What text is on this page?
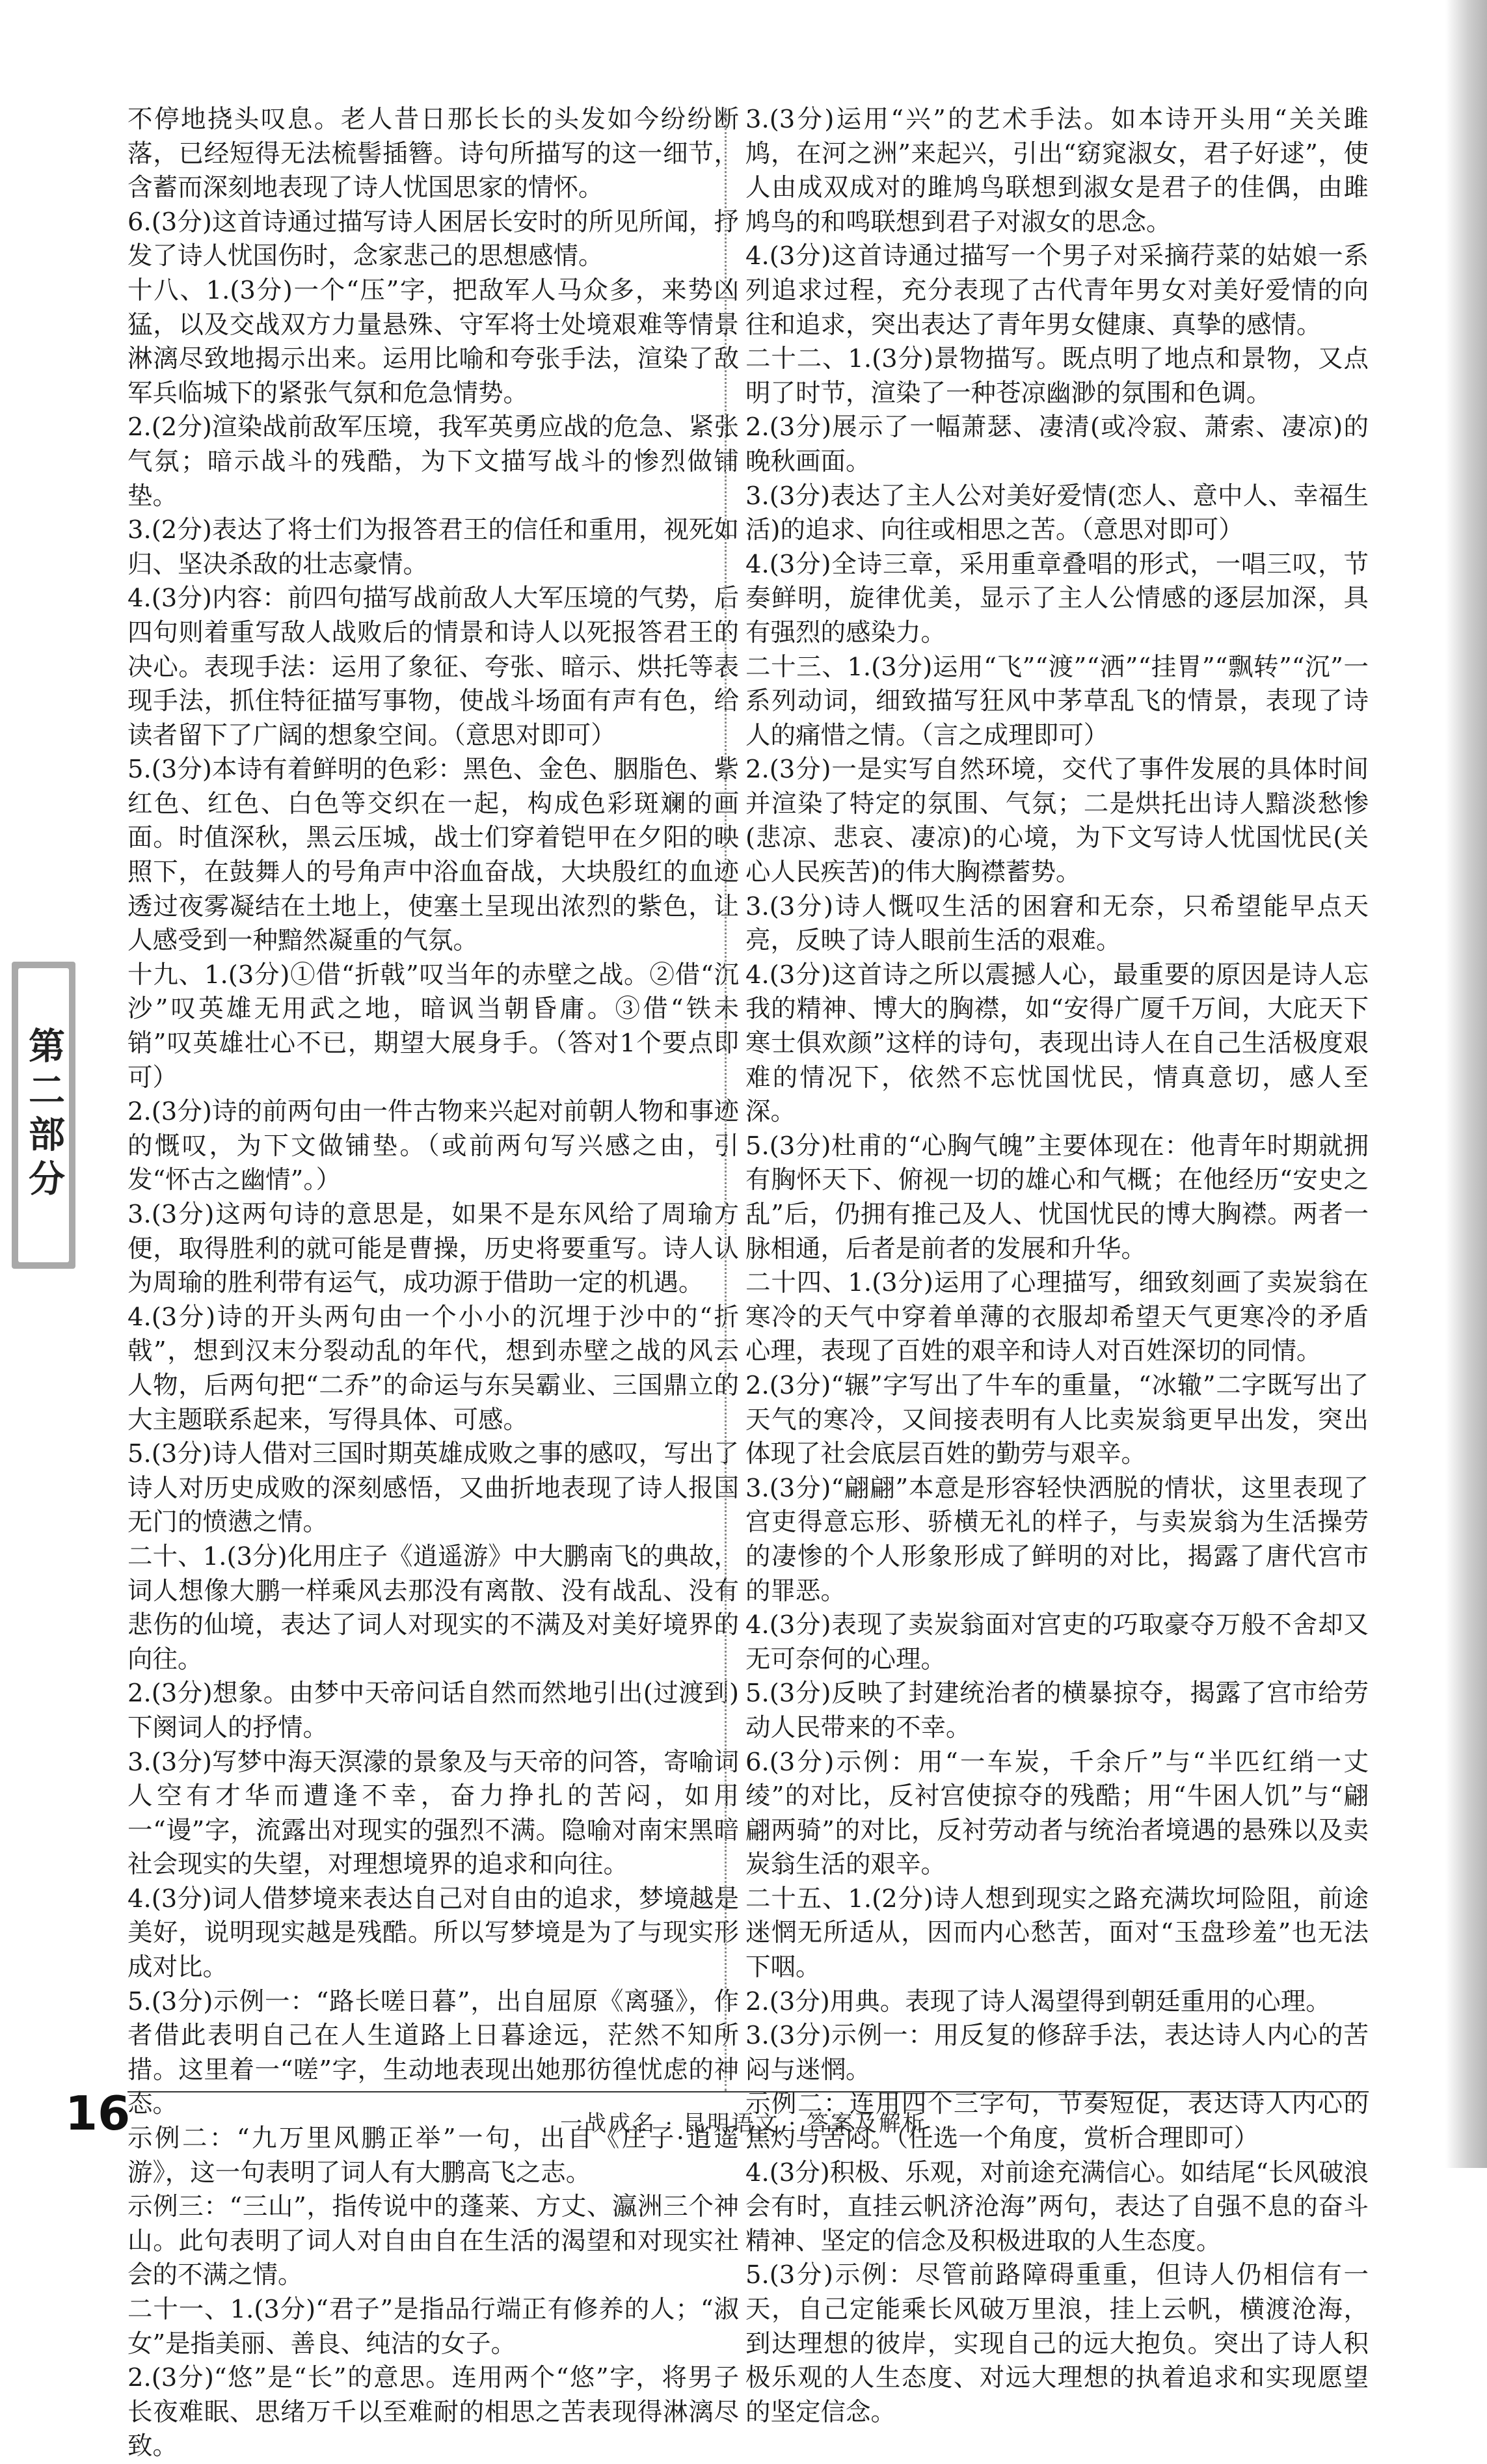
第二部分

不停地挠头叹息。老人昔日那长长的头发如今纷纷断落，已经短得无法梳髻插簪。诗句所描写的这一细节，含蓄而深刻地表现了诗人忧国思家的情怀。

6.(3分)这首诗通过描写诗人困居长安时的所见所闻，抒发了诗人忧国伤时，念家悲己的思想感情。

十八、1.(3分)一个“压”字，把敌军人马众多，来势凶猛，以及交战双方力量悬殊、守军将士处境艰难等情景淋漓尽致地揭示出来。运用比喻和夸张手法，渲染了敌军兵临城下的紧张气氛和危急情势。

2.(2分)渲染战前敌军压境，我军英勇应战的危急、紧张气氛；暗示战斗的残酷，为下文描写战斗的惨烈做铺垫。

3.(2分)表达了将士们为报答君王的信任和重用，视死如归、坚决杀敌的壮志豪情。

4.(3分)内容：前四句描写战前敌人大军压境的气势，后四句则着重写敌人战败后的情景和诗人以死报答君王的决心。表现手法：运用了象征、夸张、暗示、烘托等表现手法，抓住特征描写事物，使战斗场面有声有色，给读者留下了广阔的想象空间。（意思对即可）

5.(3分)本诗有着鲜明的色彩：黑色、金色、胭脂色、紫红色、红色、白色等交织在一起，构成色彩斑斓的画面。时值深秋，黑云压城，战士们穿着铠甲在夕阳的映照下，在鼓舞人的号角声中浴血奋战，大块殷红的血迹透过夜雾凝结在土地上，使塞土呈现出浓烈的紫色，让人感受到一种黯然凝重的气氛。

十九、1.(3分)①借“折戟”叹当年的赤壁之战。②借“沉沙”叹英雄无用武之地，暗讽当朝昏庸。③借“铁未销”叹英雄壮心不已，期望大展身手。（答对1个要点即可）

2.(3分)诗的前两句由一件古物来兴起对前朝人物和事迹的慨叹，为下文做铺垫。（或前两句写兴感之由，引发“怀古之幽情”。）

3.(3分)这两句诗的意思是，如果不是东风给了周瑜方便，取得胜利的就可能是曹操，历史将要重写。诗人认为周瑜的胜利带有运气，成功源于借助一定的机遇。

4.(3分)诗的开头两句由一个小小的沉埋于沙中的“折戟”，想到汉末分裂动乱的年代，想到赤壁之战的风云人物，后两句把“二乔”的命运与东吴霸业、三国鼎立的大主题联系起来，写得具体、可感。

5.(3分)诗人借对三国时期英雄成败之事的感叹，写出了诗人对历史成败的深刻感悟，又曲折地表现了诗人报国无门的愤懑之情。

二十、1.(3分)化用庄子《逍遥游》中大鹏南飞的典故，词人想像大鹏一样乘风去那没有离散、没有战乱、没有悲伤的仙境，表达了词人对现实的不满及对美好境界的向往。

2.(3分)想象。由梦中天帝问话自然而然地引出(过渡到)下阕词人的抒情。

3.(3分)写梦中海天溟濛的景象及与天帝的问答，寄喻词人空有才华而遭逢不幸，奋力挣扎的苦闷，如用一“谩”字，流露出对现实的强烈不满。隐喻对南宋黑暗社会现实的失望，对理想境界的追求和向往。

4.(3分)词人借梦境来表达自己对自由的追求，梦境越是美好，说明现实越是残酷。所以写梦境是为了与现实形成对比。

5.(3分)示例一：“路长嗟日暮”，出自屈原《离骚》，作者借此表明自己在人生道路上日暮途远，茫然不知所措。这里着一“嗟”字，生动地表现出她那彷徨忧虑的神态。

示例二：“九万里风鹏正举”一句，出自《庄子·逍遥游》，这一句表明了词人有大鹏高飞之志。

示例三：“三山”，指传说中的蓬莱、方丈、瀛洲三个神山。此句表明了词人对自由自在生活的渴望和对现实社会的不满之情。

二十一、1.(3分)“君子”是指品行端正有修养的人；“淑女”是指美丽、善良、纯洁的女子。

2.(3分)“悠”是“长”的意思。连用两个“悠”字，将男子长夜难眠、思绪万千以至难耐的相思之苦表现得淋漓尽致。

3.(3分)运用“兴”的艺术手法。如本诗开头用“关关雎鸠，在河之洲”来起兴，引出“窈窕淑女，君子好逑”，使人由成双成对的雎鸠鸟联想到淑女是君子的佳偶，由雎鸠鸟的和鸣联想到君子对淑女的思念。

4.(3分)这首诗通过描写一个男子对采摘荇菜的姑娘一系列追求过程，充分表现了古代青年男女对美好爱情的向往和追求，突出表达了青年男女健康、真挚的感情。

二十二、1.(3分)景物描写。既点明了地点和景物，又点明了时节，渲染了一种苍凉幽渺的氛围和色调。

2.(3分)展示了一幅萧瑟、凄清(或冷寂、萧索、凄凉)的晚秋画面。

3.(3分)表达了主人公对美好爱情(恋人、意中人、幸福生活)的追求、向往或相思之苦。（意思对即可）

4.(3分)全诗三章，采用重章叠唱的形式，一唱三叹，节奏鲜明，旋律优美，显示了主人公情感的逐层加深，具有强烈的感染力。

二十三、1.(3分)运用“飞”“渡”“洒”“挂胃”“飘转”“沉”一系列动词，细致描写狂风中茅草乱飞的情景，表现了诗人的痛惜之情。（言之成理即可）

2.(3分)一是实写自然环境，交代了事件发展的具体时间并渲染了特定的氛围、气氛；二是烘托出诗人黯淡愁惨(悲凉、悲哀、凄凉)的心境，为下文写诗人忧国忧民(关心人民疾苦)的伟大胸襟蓄势。

3.(3分)诗人慨叹生活的困窘和无奈，只希望能早点天亮，反映了诗人眼前生活的艰难。

4.(3分)这首诗之所以震撼人心，最重要的原因是诗人忘我的精神、博大的胸襟，如“安得广厦千万间，大庇天下寒士俱欢颜”这样的诗句，表现出诗人在自己生活极度艰难的情况下，依然不忘忧国忧民，情真意切，感人至深。

5.(3分)杜甫的“心胸气魄”主要体现在：他青年时期就拥有胸怀天下、俯视一切的雄心和气概；在他经历“安史之乱”后，仍拥有推己及人、忧国忧民的博大胸襟。两者一脉相通，后者是前者的发展和升华。

二十四、1.(3分)运用了心理描写，细致刻画了卖炭翁在寒冷的天气中穿着单薄的衣服却希望天气更寒冷的矛盾心理，表现了百姓的艰辛和诗人对百姓深切的同情。

2.(3分)“辗”字写出了牛车的重量，“冰辙”二字既写出了天气的寒冷，又间接表明有人比卖炭翁更早出发，突出体现了社会底层百姓的勤劳与艰辛。

3.(3分)“翩翩”本意是形容轻快洒脱的情状，这里表现了宫吏得意忘形、骄横无礼的样子，与卖炭翁为生活操劳的凄惨的个人形象形成了鲜明的对比，揭露了唐代宫市的罪恶。

4.(3分)表现了卖炭翁面对宫吏的巧取豪夺万般不舍却又无可奈何的心理。

5.(3分)反映了封建统治者的横暴掠夺，揭露了宫市给劳动人民带来的不幸。

6.(3分)示例：用“一车炭，千余斤”与“半匹红绡一丈绫”的对比，反衬宫使掠夺的残酷；用“牛困人饥”与“翩翩两骑”的对比，反衬劳动者与统治者境遇的悬殊以及卖炭翁生活的艰辛。

二十五、1.(2分)诗人想到现实之路充满坎坷险阻，前途迷惘无所适从，因而内心愁苦，面对“玉盘珍羞”也无法下咽。

2.(3分)用典。表现了诗人渴望得到朝廷重用的心理。

3.(3分)示例一：用反复的修辞手法，表达诗人内心的苦闷与迷惘。

示例二：连用四个三字句，节奏短促，表达诗人内心的焦灼与苦闷。（任选一个角度，赏析合理即可）

4.(3分)积极、乐观，对前途充满信心。如结尾“长风破浪会有时，直挂云帆济沧海”两句，表达了自强不息的奋斗精神、坚定的信念及积极进取的人生态度。

5.(3分)示例：尽管前路障碍重重，但诗人仍相信有一天，自己定能乘长风破万里浪，挂上云帆，横渡沧海，到达理想的彼岸，实现自己的远大抱负。突出了诗人积极乐观的人生态度、对远大理想的执着追求和实现愿望的坚定信念。

16	一战成名 · 昆明语文 · 答案及解析
